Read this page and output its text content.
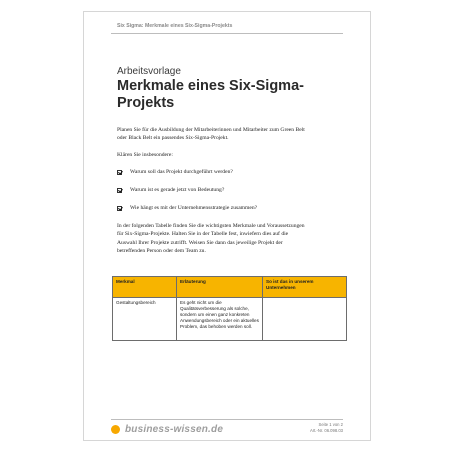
Six Sigma: Merkmale eines Six-Sigma-Projekts
Arbeitsvorlage
Merkmale eines Six-Sigma-Projekts
Planen Sie für die Ausbildung der Mitarbeiterinnen und Mitarbeiter zum Green Belt oder Black Belt ein passendes Six-Sigma-Projekt.
Klären Sie insbesondere:
Warum soll das Projekt durchgeführt werden?
Warum ist es gerade jetzt von Bedeutung?
Wie hängt es mit der Unternehmensstrategie zusammen?
In der folgenden Tabelle finden Sie die wichtigsten Merkmale und Voraussetzungen für Six-Sigma-Projekte. Halten Sie in der Tabelle fest, inwiefern dies auf die Auswahl Ihrer Projekte zutrifft. Weisen Sie dann das jeweilige Projekt der betreffenden Person oder dem Team zu.
Merkmal	Erläuterung	So ist das in unserem Unternehmen
Gestaltungsbereich	Es geht nicht um die Qualitätsverbesserung als solche, sondern um einen ganz konkreten Anwendungsbereich oder ein aktuelles Problem, das behoben werden soll.	
business-wissen.de	Seite 1 von 2
Art.-Nr. 06.098.03
